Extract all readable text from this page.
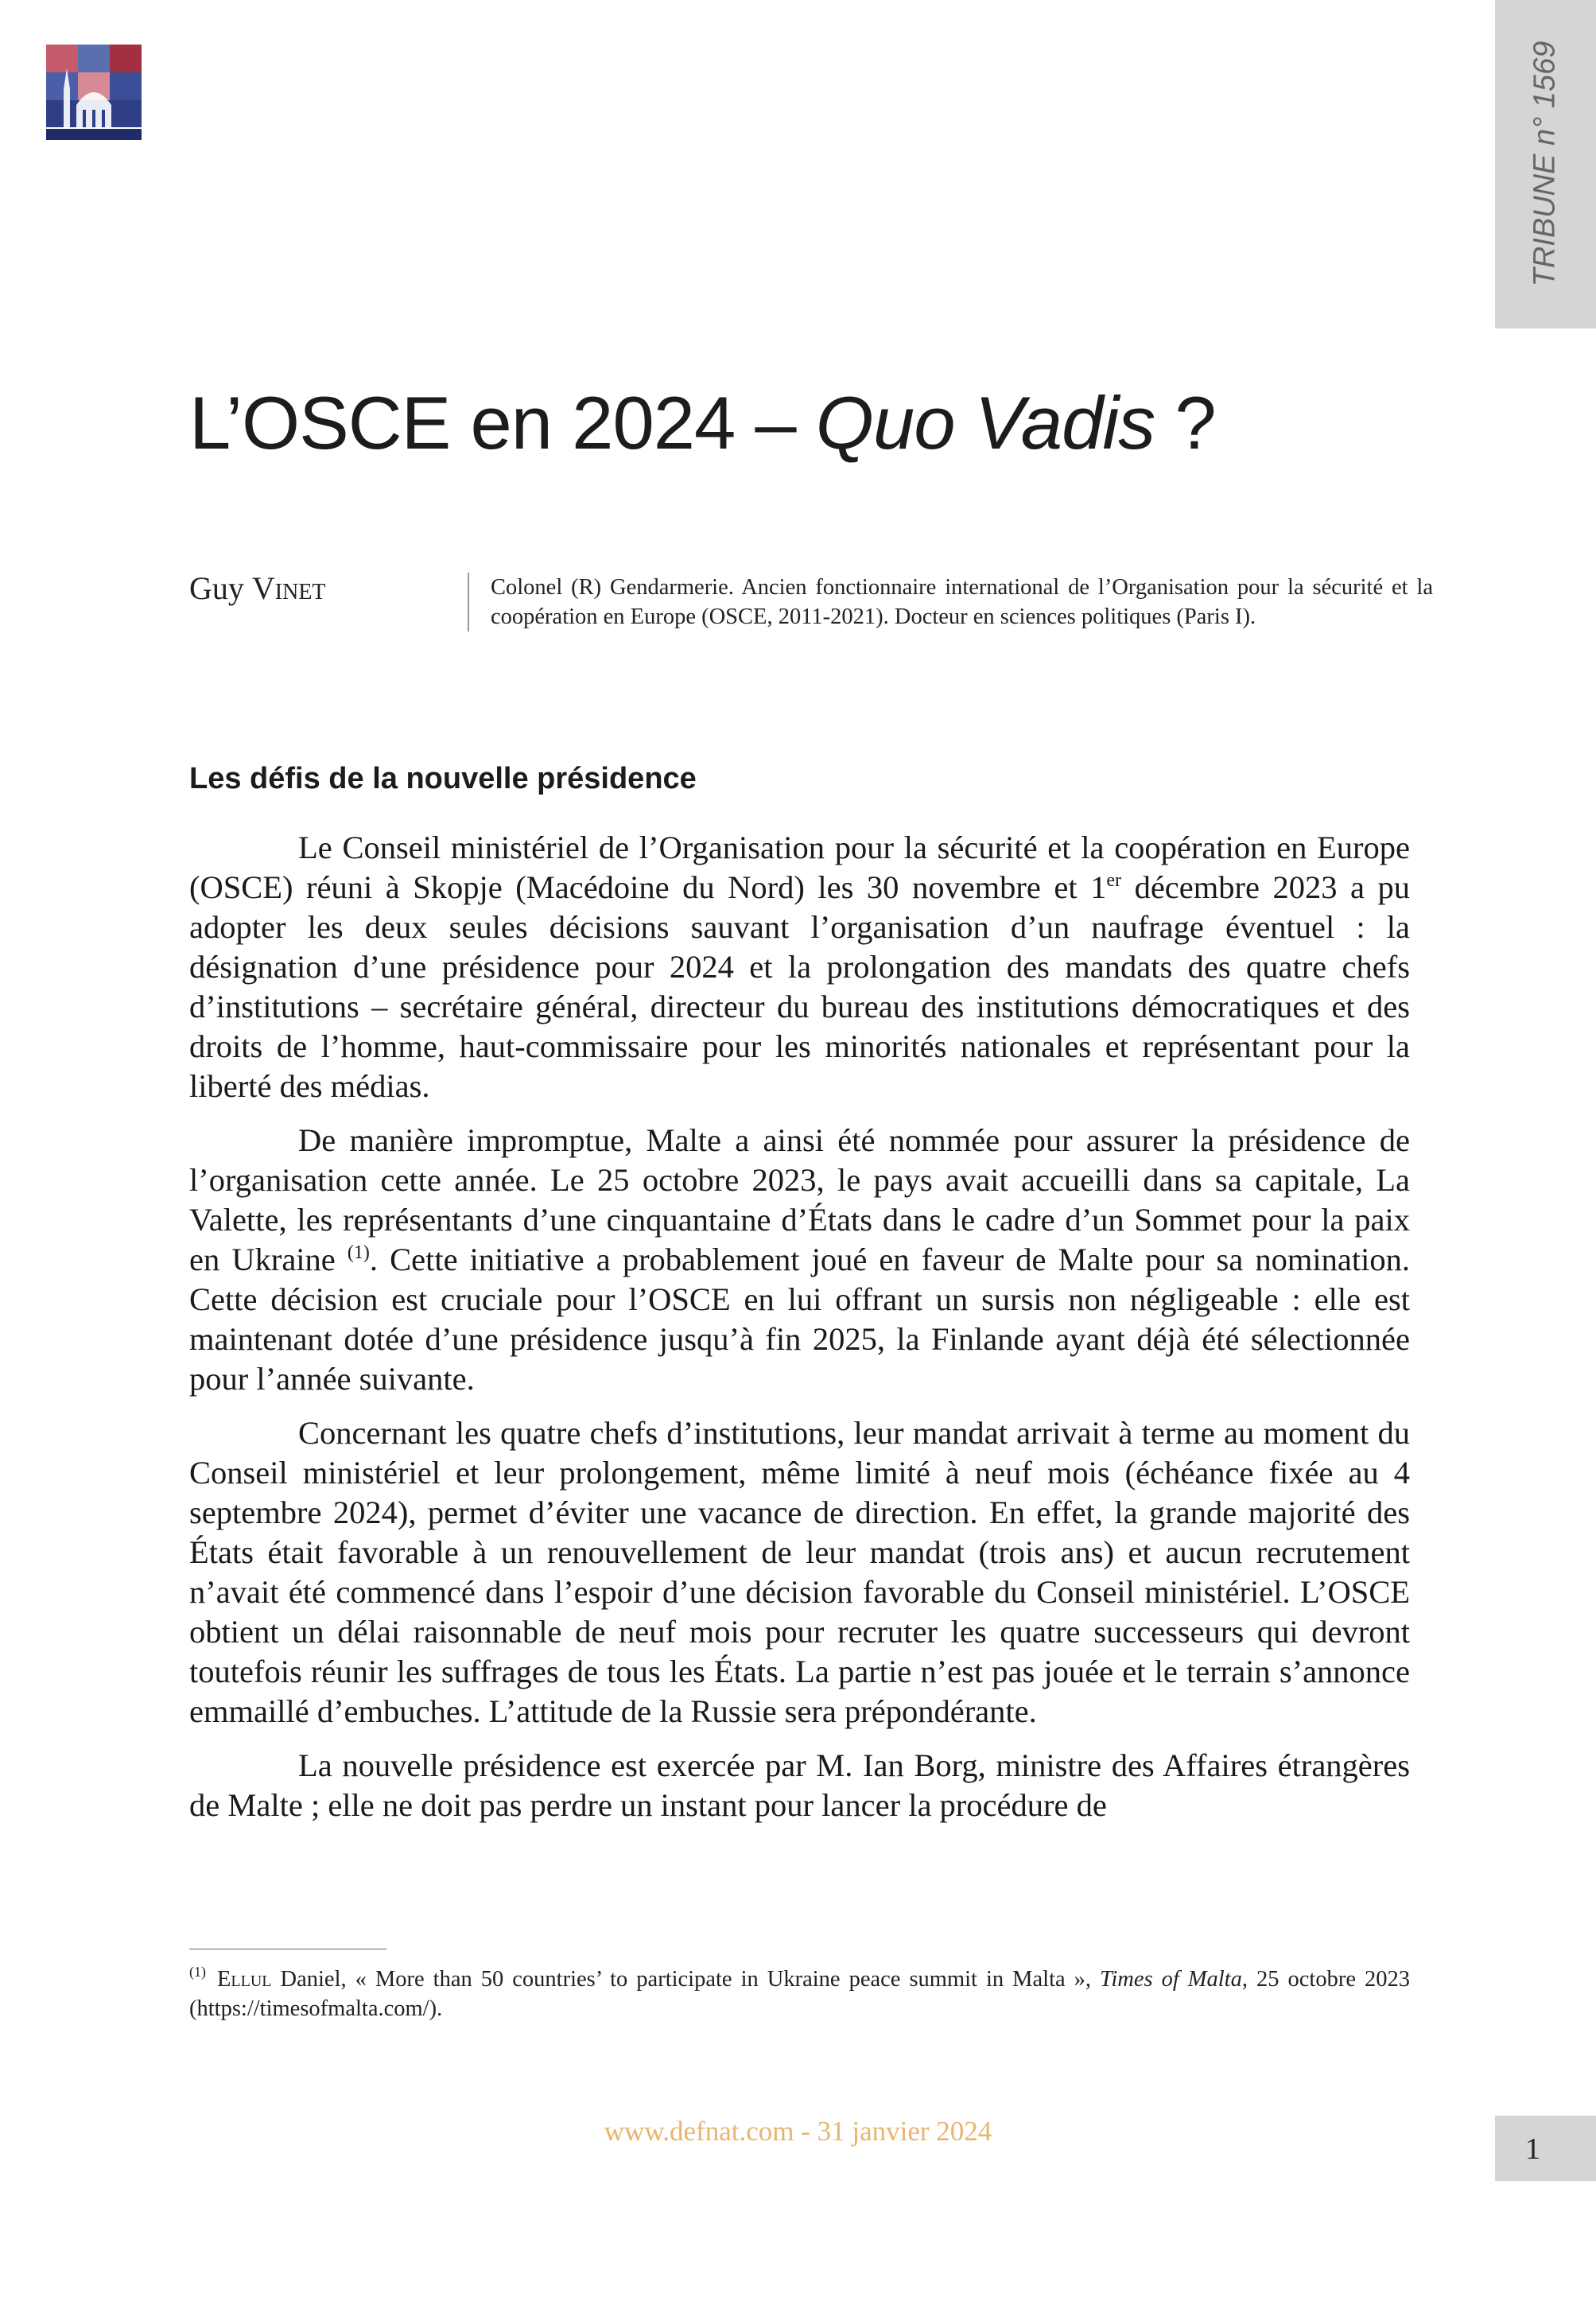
TRIBUNE n° 1569
L’OSCE en 2024 – Quo Vadis ?
Guy Vinet	Colonel (R) Gendarmerie. Ancien fonctionnaire international de l’Organisation pour la sécurité et la coopération en Europe (OSCE, 2011-2021). Docteur en sciences politiques (Paris I).
Les défis de la nouvelle présidence

Le Conseil ministériel de l’Organisation pour la sécurité et la coopération en Europe (OSCE) réuni à Skopje (Macédoine du Nord) les 30 novembre et 1er décembre 2023 a pu adopter les deux seules décisions sauvant l’organisation d’un naufrage éventuel : la désignation d’une présidence pour 2024 et la prolongation des mandats des quatre chefs d’institutions – secrétaire général, directeur du bureau des institutions démocratiques et des droits de l’homme, haut-commissaire pour les minorités nationales et représentant pour la liberté des médias.

De manière impromptue, Malte a ainsi été nommée pour assurer la présidence de l’organisation cette année. Le 25 octobre 2023, le pays avait accueilli dans sa capitale, La Valette, les représentants d’une cinquantaine d’États dans le cadre d’un Sommet pour la paix en Ukraine $^{(1)}$. Cette initiative a probablement joué en faveur de Malte pour sa nomination. Cette décision est cruciale pour l’OSCE en lui offrant un sursis non négligeable : elle est maintenant dotée d’une présidence jusqu’à fin 2025, la Finlande ayant déjà été sélectionnée pour l’année suivante.

Concernant les quatre chefs d’institutions, leur mandat arrivait à terme au moment du Conseil ministériel et leur prolongement, même limité à neuf mois (échéance fixée au 4 septembre 2024), permet d’éviter une vacance de direction. En effet, la grande majorité des États était favorable à un renouvellement de leur mandat (trois ans) et aucun recrutement n’avait été commencé dans l’espoir d’une décision favorable du Conseil ministériel. L’OSCE obtient un délai raisonnable de neuf mois pour recruter les quatre successeurs qui devront toutefois réunir les suffrages de tous les États. La partie n’est pas jouée et le terrain s’annonce emmaillé d’embuches. L’attitude de la Russie sera prépondérante.

La nouvelle présidence est exercée par M. Ian Borg, ministre des Affaires étrangères de Malte ; elle ne doit pas perdre un instant pour lancer la procédure de

$^{(1)}$ Ellul Daniel, « More than 50 countries’ to participate in Ukraine peace summit in Malta », Times of Malta, 25 octobre 2023 (https://timesofmalta.com/).
www.defnat.com - 31 janvier 2024
1
